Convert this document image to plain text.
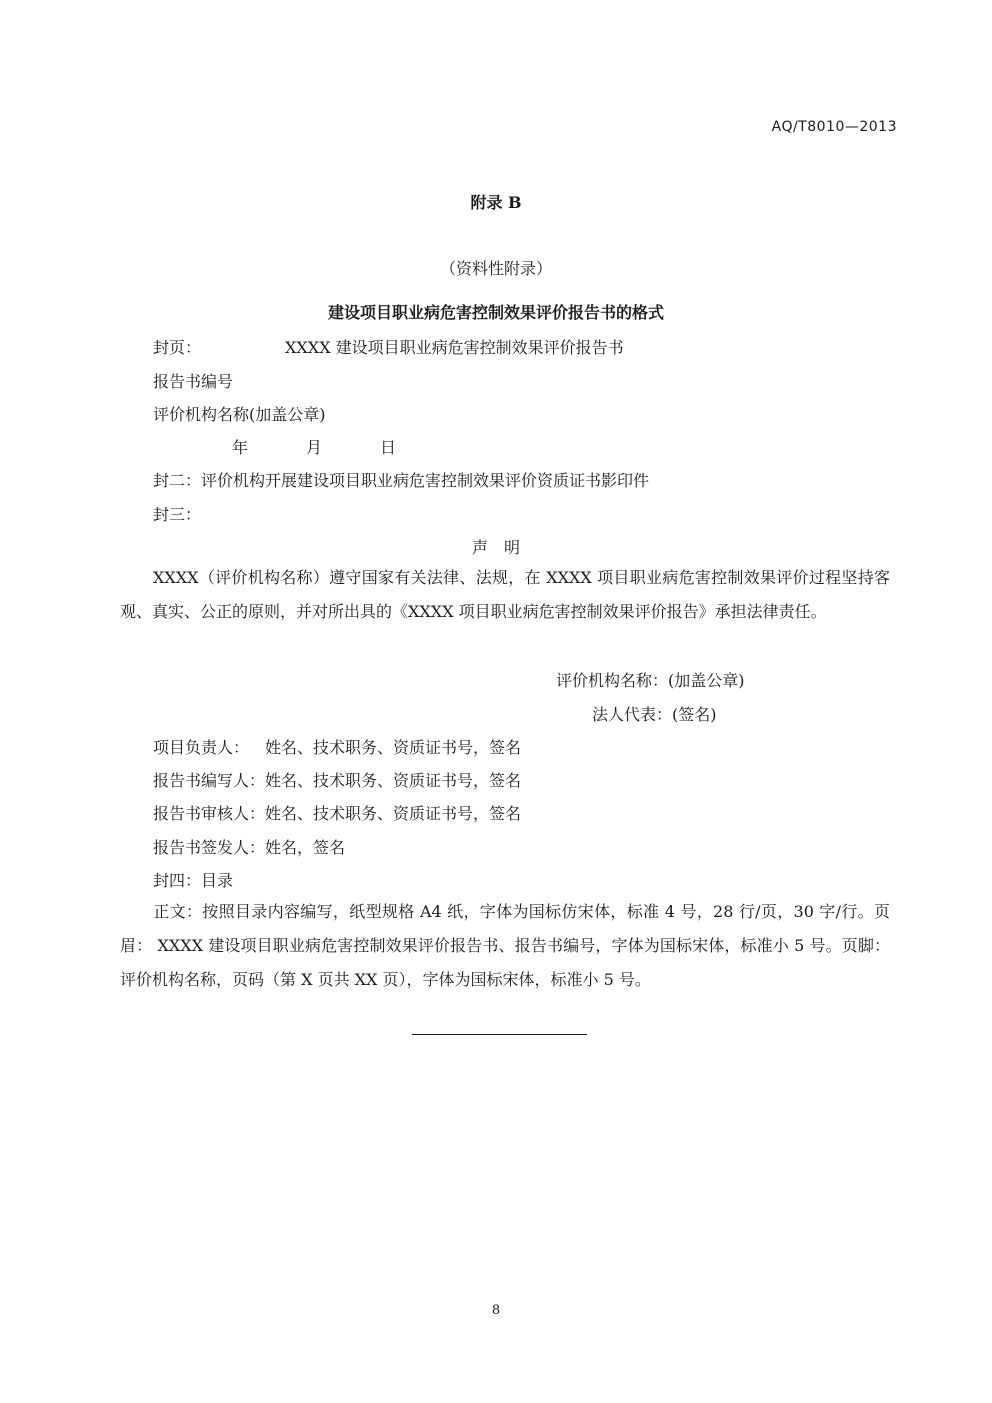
AQ/T8010—2013
附录 B
（资料性附录）
建设项目职业病危害控制效果评价报告书的格式
封页：	XXXX 建设项目职业病危害控制效果评价报告书
报告书编号
评价机构名称(加盖公章)
年	月	日
封二：评价机构开展建设项目职业病危害控制效果评价资质证书影印件
封三：
声　明
XXXX（评价机构名称）遵守国家有关法律、法规，在 XXXX 项目职业病危害控制效果评价过程坚持客观、真实、公正的原则，并对所出具的《XXXX 项目职业病危害控制效果评价报告》承担法律责任。
评价机构名称：(加盖公章)
法人代表：(签名)
项目负责人： 姓名、技术职务、资质证书号，签名
报告书编写人：姓名、技术职务、资质证书号，签名
报告书审核人：姓名、技术职务、资质证书号，签名
报告书签发人：姓名，签名
封四：目录
正文：按照目录内容编写，纸型规格 A4 纸，字体为国标仿宋体，标准 4 号，28 行/页，30 字/行。页眉： XXXX 建设项目职业病危害控制效果评价报告书、报告书编号，字体为国标宋体，标准小 5 号。页脚：评价机构名称，页码（第 X 页共 XX 页），字体为国标宋体，标准小 5 号。
8
